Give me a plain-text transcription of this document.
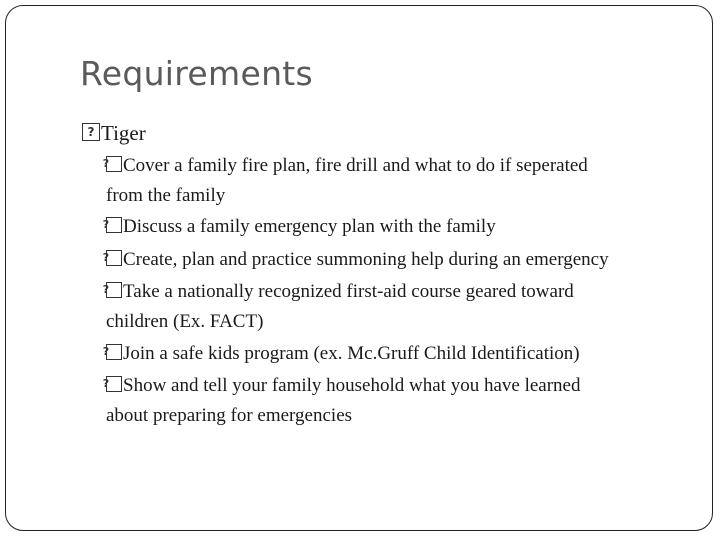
Requirements
?Tiger
?Cover a family fire plan, fire drill and what to do if seperated
from the family
?Discuss a family emergency plan with the family
?Create, plan and practice summoning help during an emergency
?Take a nationally recognized first-aid course geared toward
children (Ex. FACT)
?Join a safe kids program (ex. Mc.Gruff Child Identification)
?Show and tell your family household what you have learned
about preparing for emergencies
